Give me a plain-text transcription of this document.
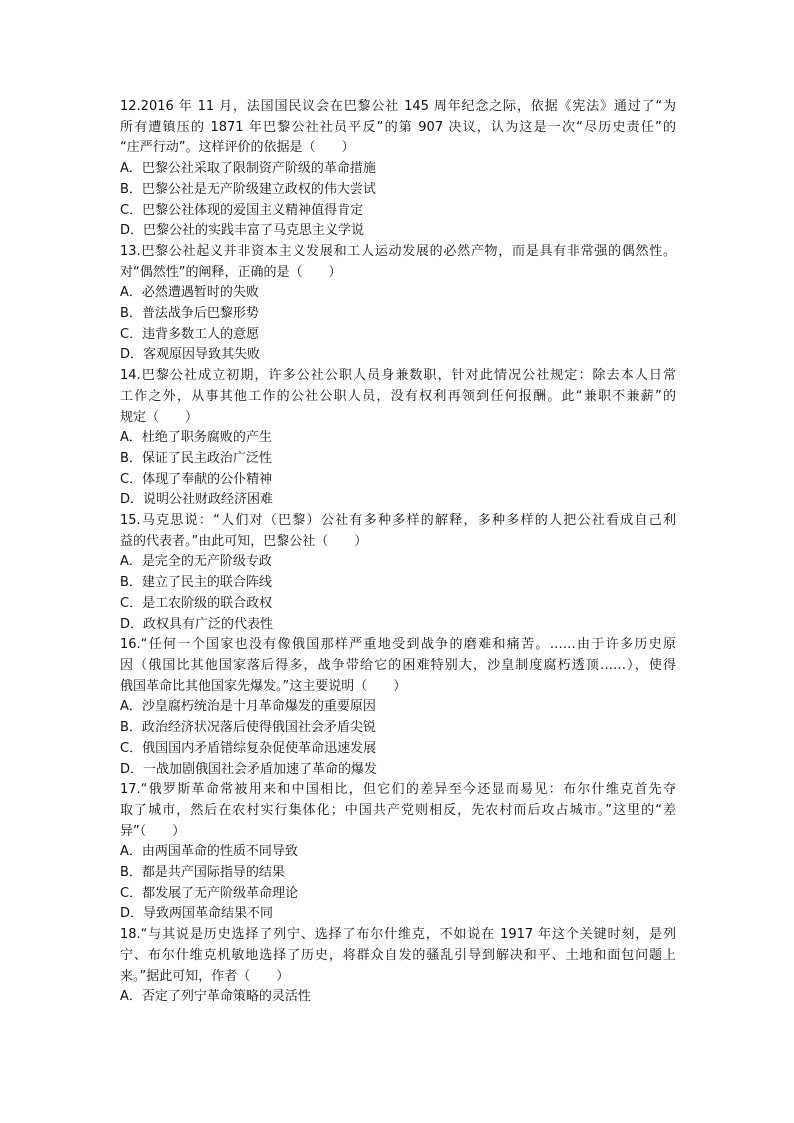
12.2016 年 11 月，法国国民议会在巴黎公社 145 周年纪念之际，依据《宪法》通过了“为
所有遭镇压的 1871 年巴黎公社社员平反”的第 907 决议，认为这是一次“尽历史责任”的
“庄严行动”。这样评价的依据是（　　）
A．巴黎公社采取了限制资产阶级的革命措施
B．巴黎公社是无产阶级建立政权的伟大尝试
C．巴黎公社体现的爱国主义精神值得肯定
D．巴黎公社的实践丰富了马克思主义学说
13.巴黎公社起义并非资本主义发展和工人运动发展的必然产物，而是具有非常强的偶然性。
对“偶然性”的阐释，正确的是（　　）
A．必然遭遇暂时的失败
B．普法战争后巴黎形势
C．违背多数工人的意愿
D．客观原因导致其失败
14.巴黎公社成立初期，许多公社公职人员身兼数职，针对此情况公社规定：除去本人日常
工作之外，从事其他工作的公社公职人员，没有权利再领到任何报酬。此“兼职不兼薪”的
规定（　　）
A．杜绝了职务腐败的产生
B．保证了民主政治广泛性
C．体现了奉献的公仆精神
D．说明公社财政经济困难
15.马克思说：“人们对（巴黎）公社有多种多样的解释，多种多样的人把公社看成自己利
益的代表者。”由此可知，巴黎公社（　　）
A．是完全的无产阶级专政
B．建立了民主的联合阵线
C．是工农阶级的联合政权
D．政权具有广泛的代表性
16.“任何一个国家也没有像俄国那样严重地受到战争的磨难和痛苦。……由于许多历史原
因（俄国比其他国家落后得多，战争带给它的困难特别大，沙皇制度腐朽透顶……），使得
俄国革命比其他国家先爆发。”这主要说明（　　）
A．沙皇腐朽统治是十月革命爆发的重要原因
B．政治经济状况落后使得俄国社会矛盾尖锐
C．俄国国内矛盾错综复杂促使革命迅速发展
D．一战加剧俄国社会矛盾加速了革命的爆发
17.“俄罗斯革命常被用来和中国相比，但它们的差异至今还显而易见：布尔什维克首先夺
取了城市，然后在农村实行集体化；中国共产党则相反，先农村而后攻占城市。”这里的“差
异”（　　）
A．由两国革命的性质不同导致
B．都是共产国际指导的结果
C．都发展了无产阶级革命理论
D．导致两国革命结果不同
18.“与其说是历史选择了列宁、选择了布尔什维克，不如说在 1917 年这个关键时刻，是列
宁、布尔什维克机敏地选择了历史，将群众自发的骚乱引导到解决和平、土地和面包问题上
来。”据此可知，作者（　　）
A．否定了列宁革命策略的灵活性
